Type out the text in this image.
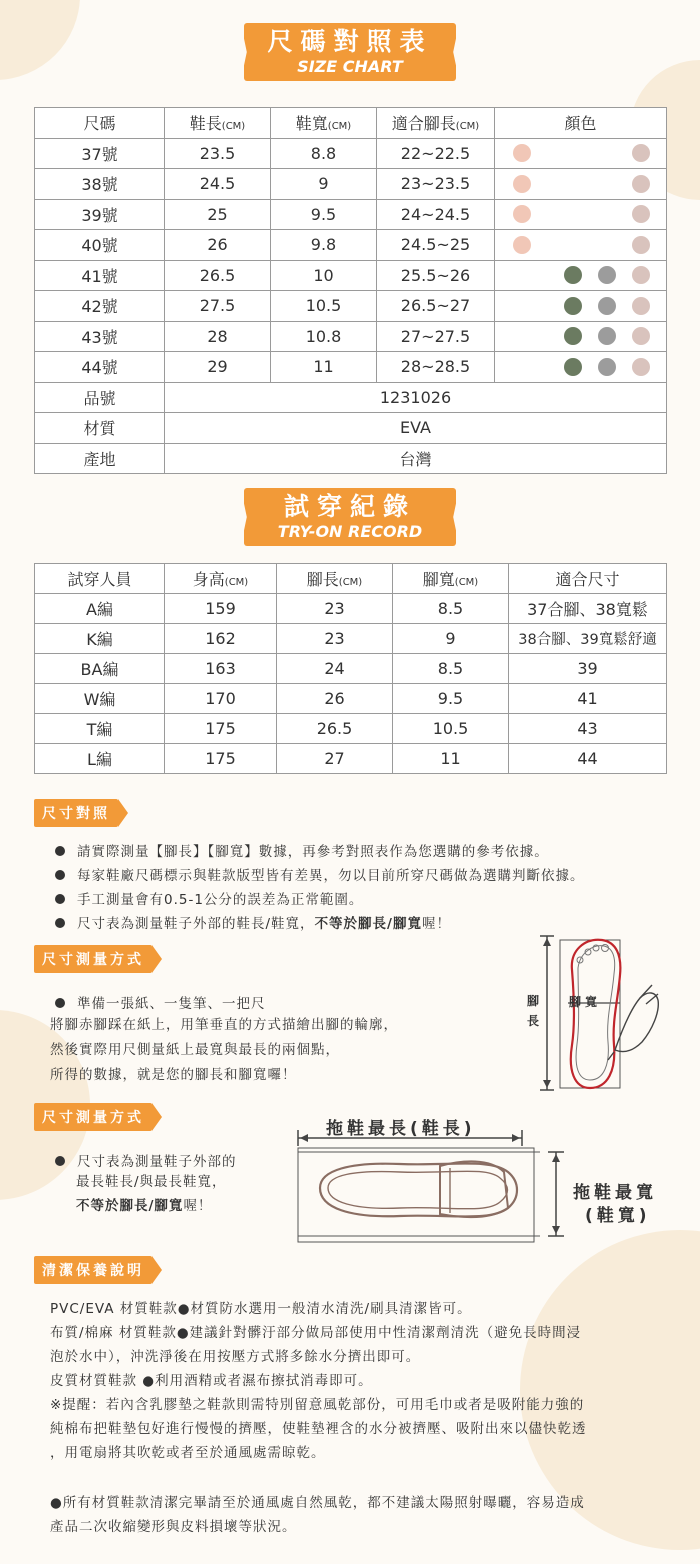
尺碼對照表
SIZE CHART
尺碼	鞋長(CM)	鞋寬(CM)	適合腳長(CM)	顏色
37號	23.5	8.8	22~22.5	

38號	24.5	9	23~23.5	

39號	25	9.5	24~24.5	

40號	26	9.8	24.5~25	

41號	26.5	10	25.5~26	

42號	27.5	10.5	26.5~27	

43號	28	10.8	27~27.5	

44號	29	11	28~28.5	

品號	1231026			
材質	EVA			
產地	台灣			
試穿紀錄
TRY-ON RECORD
試穿人員	身高(CM)	腳長(CM)	腳寬(CM)	適合尺寸
A編	159	23	8.5	37合腳、38寬鬆
K編	162	23	9	38合腳、39寬鬆舒適
BA編	163	24	8.5	39
W編	170	26	9.5	41
T編	175	26.5	10.5	43
L編	175	27	11	44
尺寸對照
請實際測量【腳長】【腳寬】數據，再參考對照表作為您選購的參考依據。
每家鞋廠尺碼標示與鞋款版型皆有差異，勿以目前所穿尺碼做為選購判斷依據。
手工測量會有0.5-1公分的誤差為正常範圍。
尺寸表為測量鞋子外部的鞋長/鞋寬，不等於腳長/腳寬喔！
尺寸測量方式
準備一張紙、一隻筆、一把尺
將腳赤腳踩在紙上，用筆垂直的方式描繪出腳的輪廓，
然後實際用尺側量紙上最寬與最長的兩個點，
所得的數據，就是您的腳長和腳寬囉！
腳
長
腳寬
尺寸測量方式
尺寸表為測量鞋子外部的
最長鞋長/與最長鞋寬，
不等於腳長/腳寬喔！
拖鞋最長(鞋長)
拖鞋最寬
(鞋寬)
清潔保養說明
PVC/EVA 材質鞋款●材質防水選用一般清水清洗/刷具清潔皆可。
布質/棉麻 材質鞋款●建議針對髒汙部分做局部使用中性清潔劑清洗（避免長時間浸
泡於水中），沖洗淨後在用按壓方式將多餘水分擠出即可。
皮質材質鞋款 ●利用酒精或者濕布擦拭消毒即可。
※提醒：若內含乳膠墊之鞋款則需特別留意風乾部份，可用毛巾或者是吸附能力強的
純棉布把鞋墊包好進行慢慢的擠壓，使鞋墊裡含的水分被擠壓、吸附出來以儘快乾透
，用電扇將其吹乾或者至於通風處需晾乾。
●所有材質鞋款清潔完畢請至於通風處自然風乾，都不建議太陽照射曝曬，容易造成
產品二次收縮變形與皮料損壞等狀況。
